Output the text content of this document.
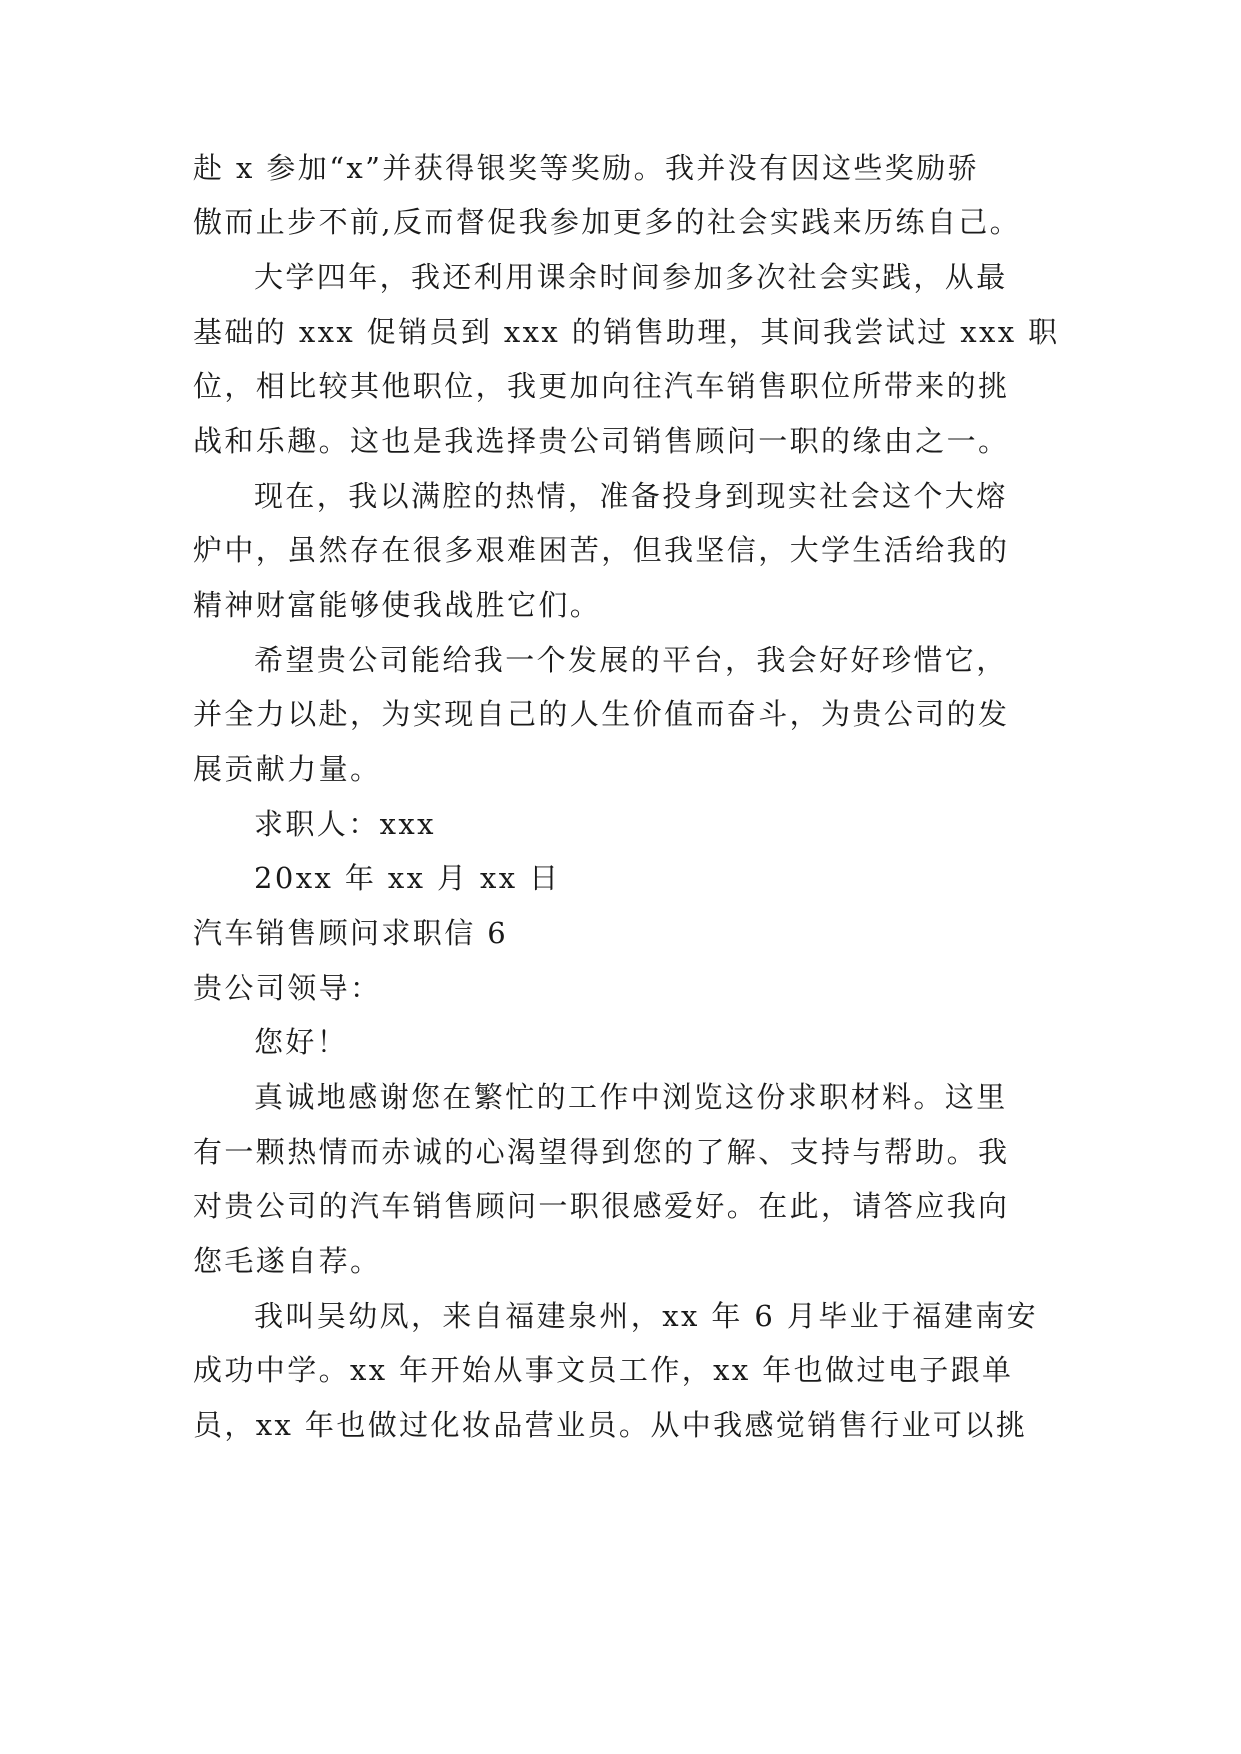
赴 x 参加“x”并获得银奖等奖励。我并没有因这些奖励骄

傲而止步不前,反而督促我参加更多的社会实践来历练自己。

大学四年，我还利用课余时间参加多次社会实践，从最

基础的 xxx 促销员到 xxx 的销售助理，其间我尝试过 xxx 职

位，相比较其他职位，我更加向往汽车销售职位所带来的挑

战和乐趣。这也是我选择贵公司销售顾问一职的缘由之一。

现在，我以满腔的热情，准备投身到现实社会这个大熔

炉中，虽然存在很多艰难困苦，但我坚信，大学生活给我的

精神财富能够使我战胜它们。

希望贵公司能给我一个发展的平台，我会好好珍惜它，

并全力以赴，为实现自己的人生价值而奋斗，为贵公司的发

展贡献力量。

求职人：xxx

20xx 年 xx 月 xx 日

汽车销售顾问求职信 6

贵公司领导：

您好！

真诚地感谢您在繁忙的工作中浏览这份求职材料。这里

有一颗热情而赤诚的心渴望得到您的了解、支持与帮助。我

对贵公司的汽车销售顾问一职很感爱好。在此，请答应我向

您毛遂自荐。

我叫吴幼凤，来自福建泉州，xx 年 6 月毕业于福建南安

成功中学。xx 年开始从事文员工作，xx 年也做过电子跟单

员，xx 年也做过化妆品营业员。从中我感觉销售行业可以挑
